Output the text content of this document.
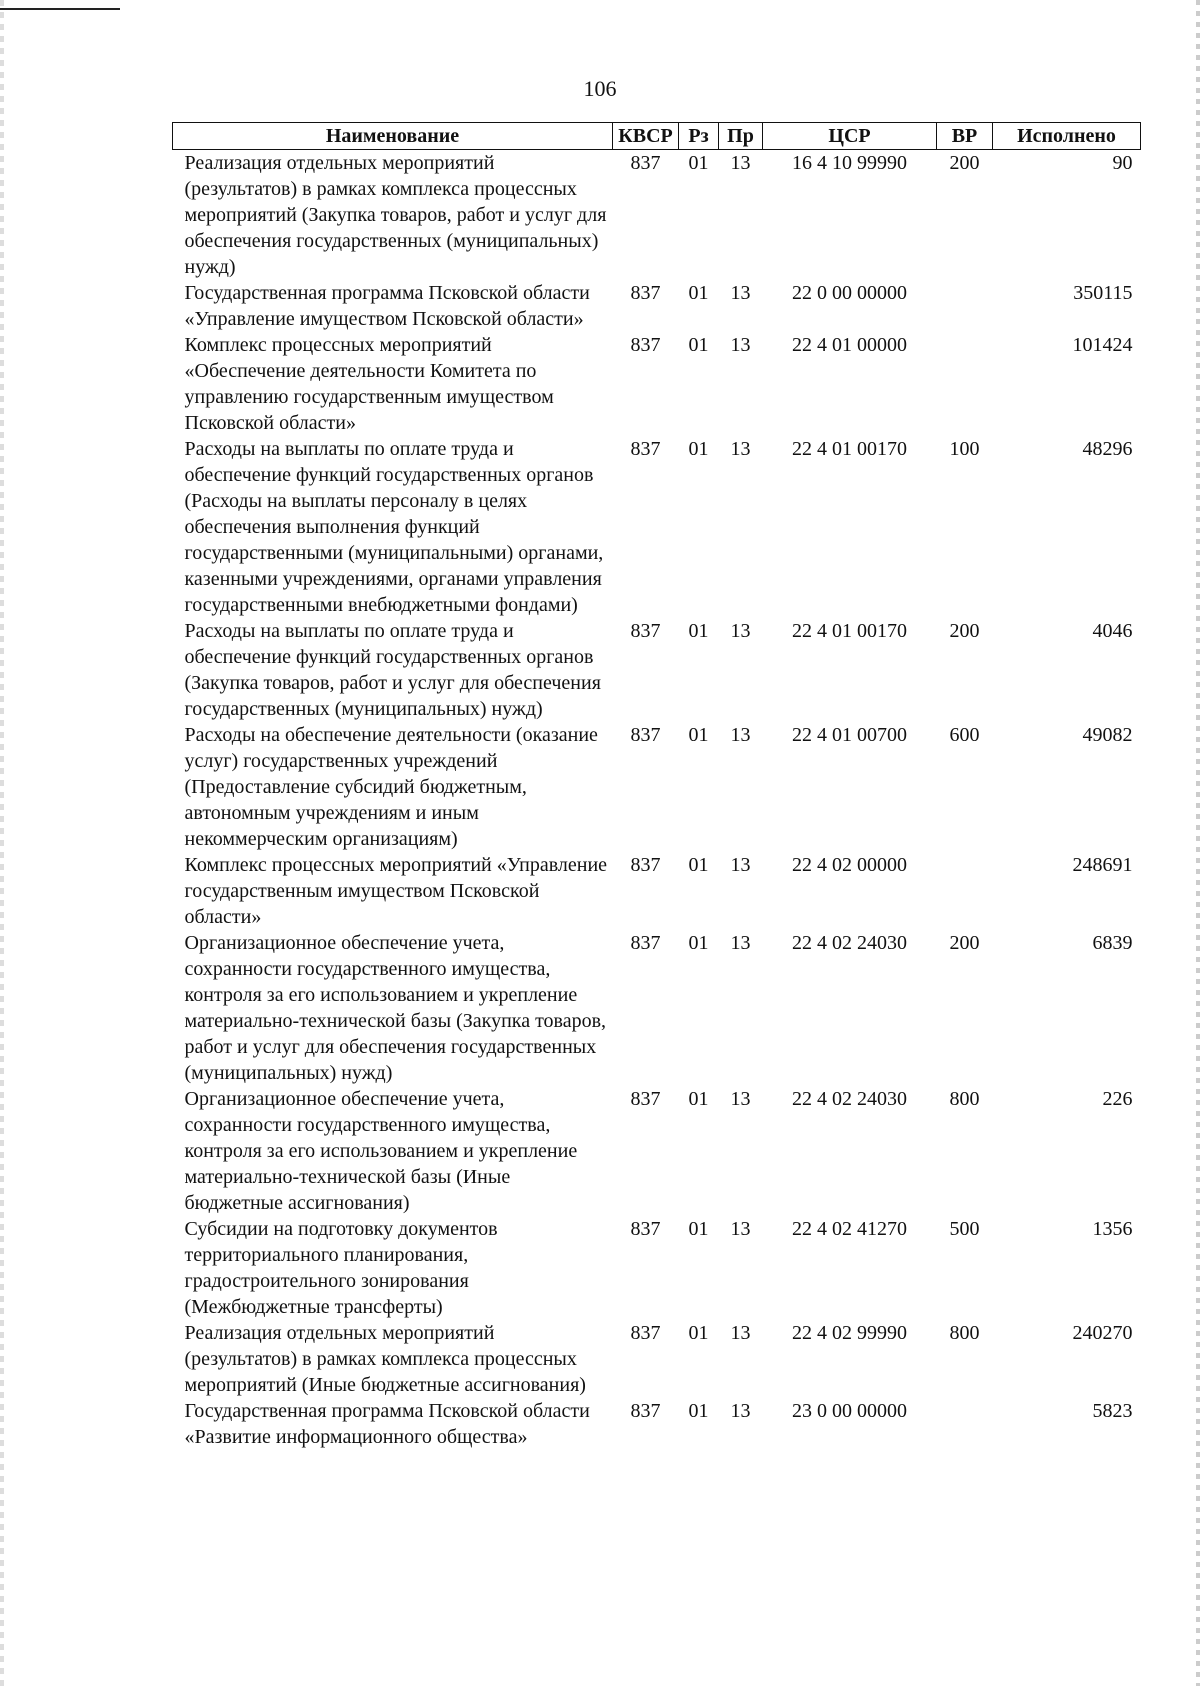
106
Наименование	КВСР	Рз	Пр	ЦСР	ВР	Исполнено
Реализация отдельных мероприятий (результатов) в рамках комплекса процессных мероприятий (Закупка товаров, работ и услуг для обеспечения государственных (муниципальных) нужд)	837	01	13	16 4 10 99990	200	90
Государственная программа Псковской области «Управление имуществом Псковской области»	837	01	13	22 0 00 00000		350115
Комплекс процессных мероприятий «Обеспечение деятельности Комитета по управлению государственным имуществом Псковской области»	837	01	13	22 4 01 00000		101424
Расходы на выплаты по оплате труда и обеспечение функций государственных органов (Расходы на выплаты персоналу в целях обеспечения выполнения функций государственными (муниципальными) органами, казенными учреждениями, органами управления государственными внебюджетными фондами)	837	01	13	22 4 01 00170	100	48296
Расходы на выплаты по оплате труда и обеспечение функций государственных органов (Закупка товаров, работ и услуг для обеспечения государственных (муниципальных) нужд)	837	01	13	22 4 01 00170	200	4046
Расходы на обеспечение деятельности (оказание услуг) государственных учреждений (Предоставление субсидий бюджетным, автономным учреждениям и иным некоммерческим организациям)	837	01	13	22 4 01 00700	600	49082
Комплекс процессных мероприятий «Управление государственным имуществом Псковской области»	837	01	13	22 4 02 00000		248691
Организационное обеспечение учета, сохранности государственного имущества, контроля за его использованием и укрепление материально-технической базы (Закупка товаров, работ и услуг для обеспечения государственных (муниципальных) нужд)	837	01	13	22 4 02 24030	200	6839
Организационное обеспечение учета, сохранности государственного имущества, контроля за его использованием и укрепление материально-технической базы (Иные бюджетные ассигнования)	837	01	13	22 4 02 24030	800	226
Субсидии на подготовку документов территориального планирования, градостроительного зонирования (Межбюджетные трансферты)	837	01	13	22 4 02 41270	500	1356
Реализация отдельных мероприятий (результатов) в рамках комплекса процессных мероприятий (Иные бюджетные ассигнования)	837	01	13	22 4 02 99990	800	240270
Государственная программа Псковской области «Развитие информационного общества»	837	01	13	23 0 00 00000		5823
